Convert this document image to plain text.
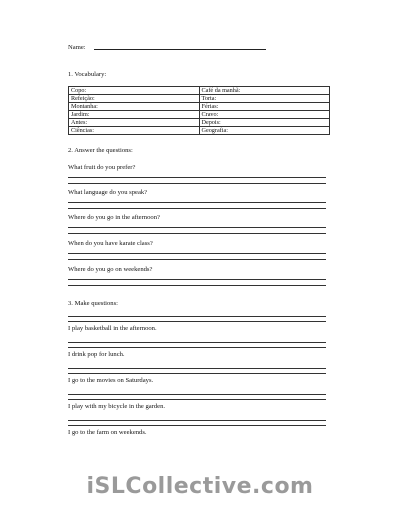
Name:
1. Vocabulary:
Copo:	Café da manhã:
Refeição:	Torta:
Montanha:	Férias:
Jardim:	Cravo:
Antes:	Depois:
Ciências:	Geografia:
2. Answer the questions:
What fruit do you prefer?
What language do you speak?
Where do you go in the afternoon?
When do you have karate class?
Where do you go on weekends?
3. Make questions:
I play basketball in the afternoon.
I drink pop for lunch.
I go to the movies on Saturdays.
I play with my bicycle in the garden.
I go to the farm on weekends.
iSLCollective.com
